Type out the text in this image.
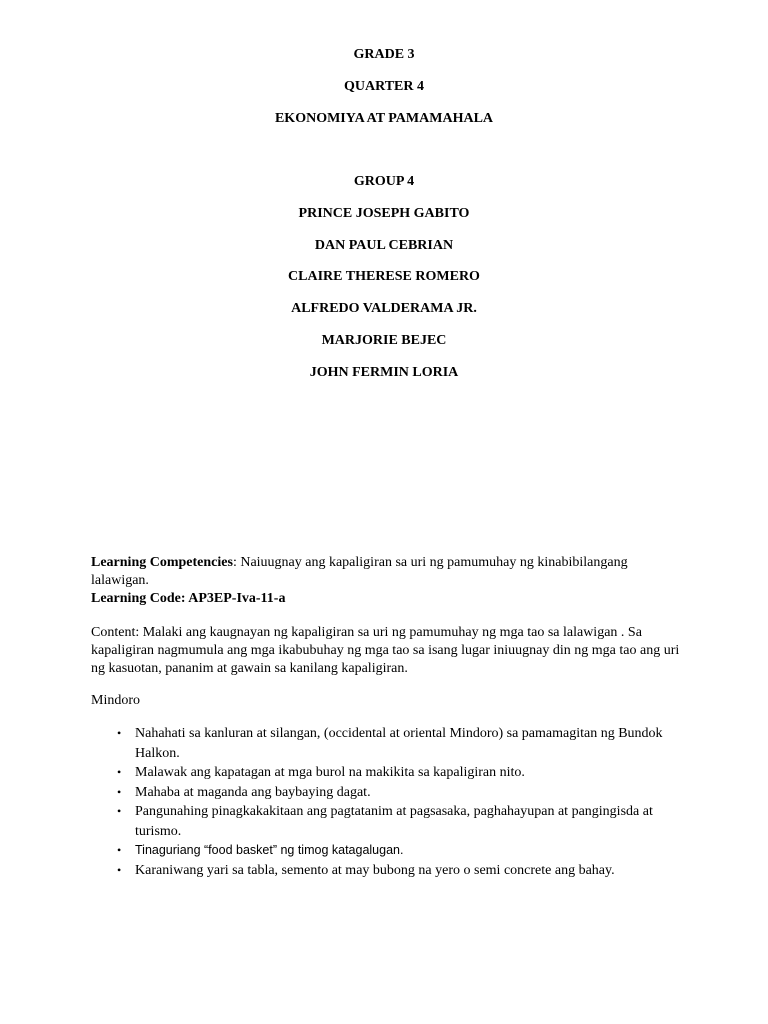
GRADE 3
QUARTER 4
EKONOMIYA AT PAMAMAHALA
GROUP 4
PRINCE JOSEPH GABITO
DAN PAUL CEBRIAN
CLAIRE THERESE ROMERO
ALFREDO VALDERAMA JR.
MARJORIE BEJEC
JOHN FERMIN LORIA
Learning Competencies: Naiuugnay ang kapaligiran sa uri ng pamumuhay ng kinabibilangang
lalawigan.
Learning Code: AP3EP-Iva-11-a
Content: Malaki ang kaugnayan ng kapaligiran sa uri ng pamumuhay ng mga tao sa lalawigan . Sa
kapaligiran nagmumula ang mga ikabubuhay ng mga tao sa isang lugar iniuugnay din ng mga tao ang uri
ng kasuotan, pananim at gawain sa kanilang kapaligiran.
Mindoro
• Nahahati sa kanluran at silangan, (occidental at oriental Mindoro) sa pamamagitan ng Bundok
Halkon.
• Malawak ang kapatagan at mga burol na makikita sa kapaligiran nito.
• Mahaba at maganda ang baybaying dagat.
• Pangunahing pinagkakakitaan ang pagtatanim at pagsasaka, paghahayupan at pangingisda at
turismo.
• Tinaguriang “food basket” ng timog katagalugan.
• Karaniwang yari sa tabla, semento at may bubong na yero o semi concrete ang bahay.
